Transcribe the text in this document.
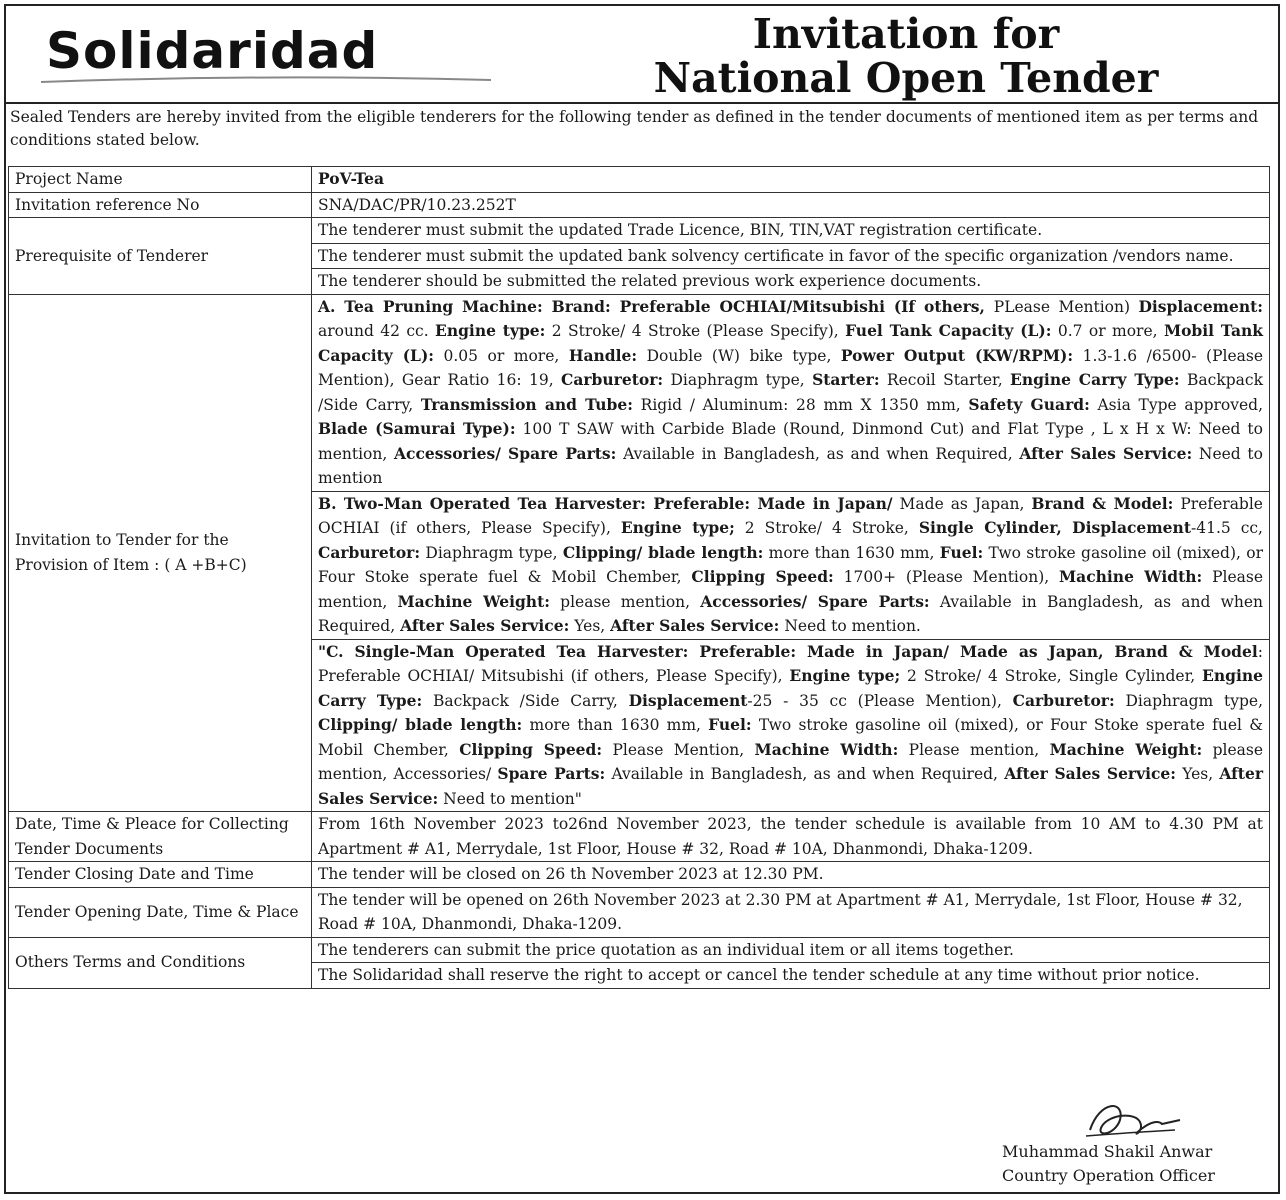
Solidaridad	Invitation for
National Open Tender
Sealed Tenders are hereby invited from the eligible tenderers for the following tender as defined in the tender documents of mentioned item as per terms and conditions stated below.
Project Name	PoV-Tea
Invitation reference No	SNA/DAC/PR/10.23.252T
Prerequisite of Tenderer	The tenderer must submit the updated Trade Licence, BIN, TIN,VAT registration certificate.
	The tenderer must submit the updated bank solvency certificate in favor of the specific organization /vendors name.
	The tenderer should be submitted the related previous work experience documents.
Invitation to Tender for the Provision of Item : ( A +B+C)	A. Tea Pruning Machine: Brand: Preferable OCHIAI/Mitsubishi (If others, PLease Mention) Displacement: around 42 cc. Engine type: 2 Stroke/ 4 Stroke (Please Specify), Fuel Tank Capacity (L): 0.7 or more, Mobil Tank Capacity (L): 0.05 or more, Handle: Double (W) bike type, Power Output (KW/RPM): 1.3-1.6 /6500- (Please Mention), Gear Ratio 16: 19, Carburetor: Diaphragm type, Starter: Recoil Starter, Engine Carry Type: Backpack /Side Carry, Transmission and Tube: Rigid / Aluminum: 28 mm X 1350 mm, Safety Guard: Asia Type approved, Blade (Samurai Type): 100 T SAW with Carbide Blade (Round, Dinmond Cut) and Flat Type , L x H x W: Need to mention, Accessories/ Spare Parts: Available in Bangladesh, as and when Required, After Sales Service: Need to mention
	B. Two-Man Operated Tea Harvester: Preferable: Made in Japan/ Made as Japan, Brand & Model: Preferable OCHIAI (if others, Please Specify), Engine type; 2 Stroke/ 4 Stroke, Single Cylinder, Displacement-41.5 cc, Carburetor: Diaphragm type, Clipping/ blade length: more than 1630 mm, Fuel: Two stroke gasoline oil (mixed), or Four Stoke sperate fuel & Mobil Chember, Clipping Speed: 1700+ (Please Mention), Machine Width: Please mention, Machine Weight: please mention, Accessories/ Spare Parts: Available in Bangladesh, as and when Required, After Sales Service: Yes, After Sales Service: Need to mention.
	"C. Single-Man Operated Tea Harvester: Preferable: Made in Japan/ Made as Japan, Brand & Model: Preferable OCHIAI/ Mitsubishi (if others, Please Specify), Engine type; 2 Stroke/ 4 Stroke, Single Cylinder, Engine Carry Type: Backpack /Side Carry, Displacement-25 - 35 cc (Please Mention), Carburetor: Diaphragm type, Clipping/ blade length: more than 1630 mm, Fuel: Two stroke gasoline oil (mixed), or Four Stoke sperate fuel & Mobil Chember, Clipping Speed: Please Mention, Machine Width: Please mention, Machine Weight: please mention, Accessories/ Spare Parts: Available in Bangladesh, as and when Required, After Sales Service: Yes, After Sales Service: Need to mention"
Date, Time & Pleace for Collecting Tender Documents	From 16th November 2023 to26nd November 2023, the tender schedule is available from 10 AM to 4.30 PM at Apartment # A1, Merrydale, 1st Floor, House # 32, Road # 10A, Dhanmondi, Dhaka-1209.
Tender Closing Date and Time	The tender will be closed on 26 th November 2023 at 12.30 PM.
Tender Opening Date, Time & Place	The tender will be opened on 26th November 2023 at 2.30 PM at Apartment # A1, Merrydale, 1st Floor, House # 32, Road # 10A, Dhanmondi, Dhaka-1209.
Others Terms and Conditions	The tenderers can submit the price quotation as an individual item or all items together.
	The Solidaridad shall reserve the right to accept or cancel the tender schedule at any time without prior notice.
Muhammad Shakil Anwar
Country Operation Officer
